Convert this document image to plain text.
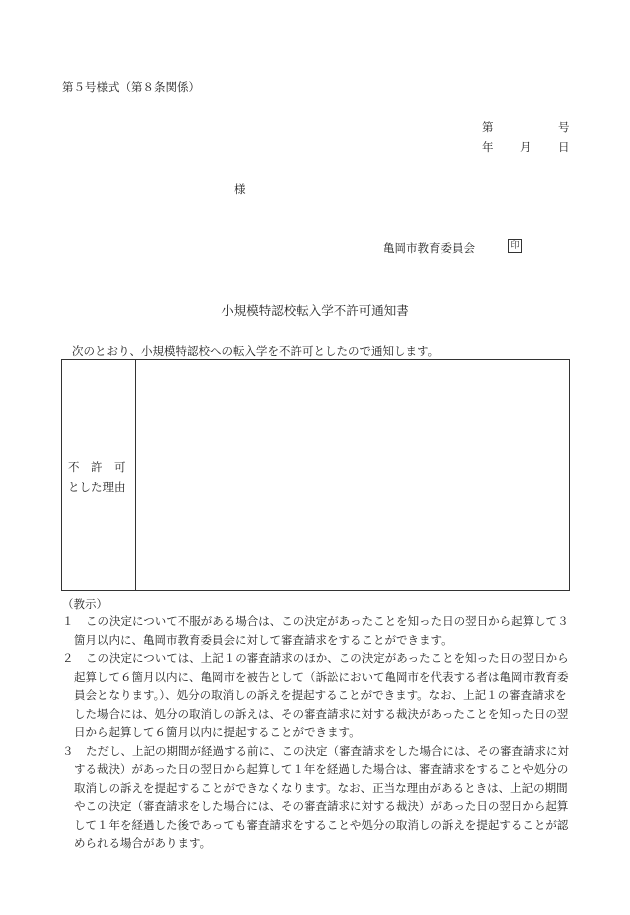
第５号様式（第８条関係）
第	号
年 月 日
様
亀岡市教育委員会	印
小規模特認校転入学不許可通知書
次のとおり、小規模特認校への転入学を不許可としたので通知します。
不　許　可
とした理由
（教示）
１	この決定について不服がある場合は、この決定があったことを知った日の翌日から起算して３箇月以内に、亀岡市教育委員会に対して審査請求をすることができます。
２	この決定については、上記１の審査請求のほか、この決定があったことを知った日の翌日から起算して６箇月以内に、亀岡市を被告として（訴訟において亀岡市を代表する者は亀岡市教育委員会となります。）、処分の取消しの訴えを提起することができます。なお、上記１の審査請求をした場合には、処分の取消しの訴えは、その審査請求に対する裁決があったことを知った日の翌日から起算して６箇月以内に提起することができます。
３	ただし、上記の期間が経過する前に、この決定（審査請求をした場合には、その審査請求に対する裁決）があった日の翌日から起算して１年を経過した場合は、審査請求をすることや処分の取消しの訴えを提起することができなくなります。なお、正当な理由があるときは、上記の期間やこの決定（審査請求をした場合には、その審査請求に対する裁決）があった日の翌日から起算して１年を経過した後であっても審査請求をすることや処分の取消しの訴えを提起することが認められる場合があります。
